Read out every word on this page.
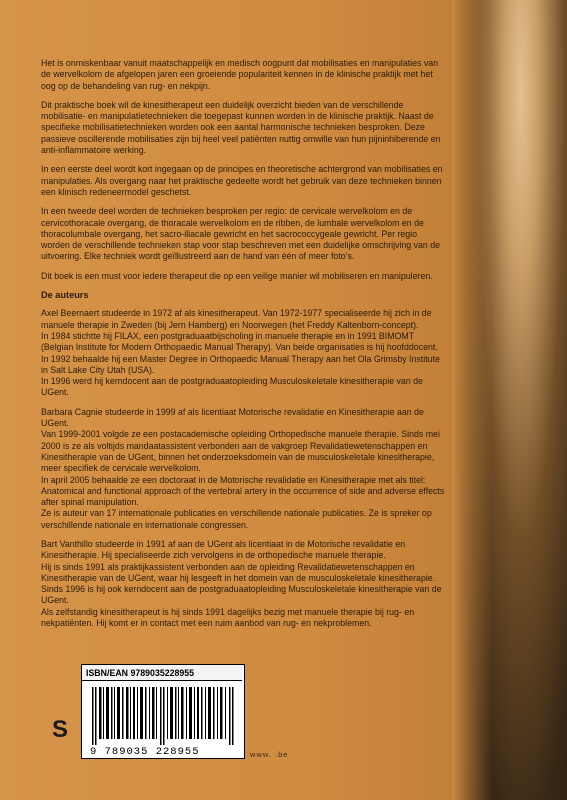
Het is onmiskenbaar vanuit maatschappelijk en medisch oogpunt dat mobilisaties en manipulaties van de wervelkolom de afgelopen jaren een groeiende populariteit kennen in de klinische praktijk met het oog op de behandeling van rug- en nekpijn.

Dit praktische boek wil de kinesitherapeut een duidelijk overzicht bieden van de verschillende mobilisatie- en manipulatietechnieken die toegepast kunnen worden in de klinische praktijk. Naast de specifieke mobilisatietechnieken worden ook een aantal harmonische technieken besproken. Deze passieve oscillerende mobilisaties zijn bij heel veel patiënten nuttig omwille van hun pijninhiberende en anti-inflammatoire werking.

In een eerste deel wordt kort ingegaan op de principes en theoretische achtergrond van mobilisaties en manipulaties. Als overgang naar het praktische gedeelte wordt het gebruik van deze technieken binnen een klinisch redeneermodel geschetst.

In een tweede deel worden de technieken besproken per regio: de cervicale wervelkolom en de cervicothoracale overgang, de thoracale wervelkolom en de ribben, de lumbale wervelkolom en de thoracolumbale overgang, het sacro-iliacale gewricht en het sacrococcygeale gewricht. Per regio worden de verschillende technieken stap voor stap beschreven met een duidelijke omschrijving van de uitvoering. Elke techniek wordt geïllustreerd aan de hand van één of meer foto’s.

Dit boek is een must voor iedere therapeut die op een veilige manier wil mobiliseren en manipuleren.

De auteurs

Axel Beernaert studeerde in 1972 af als kinesitherapeut. Van 1972-1977 specialiseerde hij zich in de manuele therapie in Zweden (bij Jern Hamberg) en Noorwegen (het Freddy Kaltenborn-concept).

In 1984 stichtte hij FILAX, een postgraduaatbijscholing in manuele therapie en in 1991 BIMOMT (Belgian Institute for Modern Orthopaedic Manual Therapy). Van beide organisaties is hij hoofddocent.

In 1992 behaalde hij een Master Degree in Orthopaedic Manual Therapy aan het Ola Grimsby Institute in Salt Lake City Utah (USA).

In 1996 werd hij kerndocent aan de postgraduaatopleiding Musculoskeletale kinesitherapie van de UGent.

Barbara Cagnie studeerde in 1999 af als licentiaat Motorische revalidatie en Kinesitherapie aan de UGent.

Van 1999-2001 volgde ze een postacademische opleiding Orthopedische manuele therapie. Sinds mei 2000 is ze als voltijds mandaatassistent verbonden aan de vakgroep Revalidatiewetenschappen en Kinesitherapie van de UGent, binnen het onderzoeksdomein van de musculoskeletale kinesitherapie, meer specifiek de cervicale wervelkolom.

In april 2005 behaalde ze een doctoraat in de Motorische revalidatie en Kinesitherapie met als titel: Anatomical and functional approach of the vertebral artery in the occurrence of side and adverse effects after spinal manipulation.

Ze is auteur van 17 internationale publicaties en verschillende nationale publicaties. Ze is spreker op verschillende nationale en internationale congressen.

Bart Vanthillo studeerde in 1991 af aan de UGent als licentiaat in de Motorische revalidatie en Kinesitherapie. Hij specialiseerde zich vervolgens in de orthopedische manuele therapie.

Hij is sinds 1991 als praktijkassistent verbonden aan de opleiding Revalidatiewetenschappen en Kinesitherapie van de UGent, waar hij lesgeeft in het domein van de musculoskeletale kinesitherapie. Sinds 1996 is hij ook kerndocent aan de postgraduaatopleiding Musculoskeletale kinesitherapie van de UGent.

Als zelfstandig kinesitherapeut is hij sinds 1991 dagelijks bezig met manuele therapie bij rug- en nekpatiënten. Hij komt er in contact met een ruim aanbod van rug- en nekproblemen.

ISBN/EAN 9789035228955
9 789035 228955
S
www. .be
